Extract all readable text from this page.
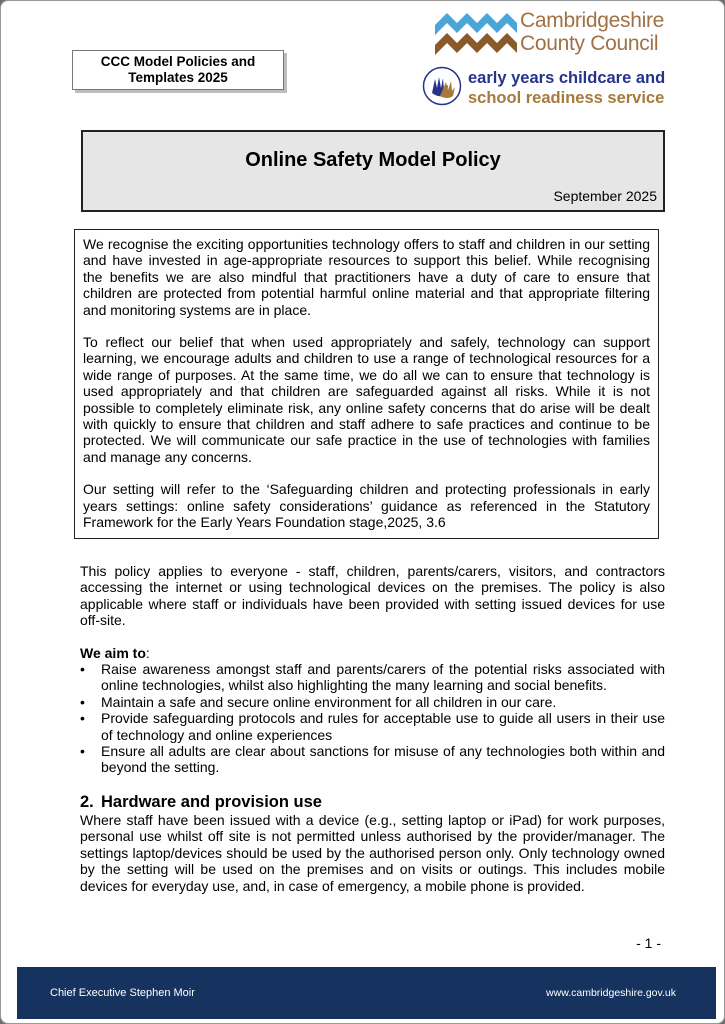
CCC Model Policies and
Templates 2025
Cambridgeshire
County Council
early years childcare and
school readiness service
Online Safety Model Policy
September 2025

We recognise the exciting opportunities technology offers to staff and children in our setting and have invested in age-appropriate resources to support this belief. While recognising the benefits we are also mindful that practitioners have a duty of care to ensure that children are protected from potential harmful online material and that appropriate filtering and monitoring systems are in place.

To reflect our belief that when used appropriately and safely, technology can support learning, we encourage adults and children to use a range of technological resources for a wide range of purposes. At the same time, we do all we can to ensure that technology is used appropriately and that children are safeguarded against all risks. While it is not possible to completely eliminate risk, any online safety concerns that do arise will be dealt with quickly to ensure that children and staff adhere to safe practices and continue to be protected. We will communicate our safe practice in the use of technologies with families and manage any concerns.

Our setting will refer to the ‘Safeguarding children and protecting professionals in early years settings: online safety considerations’ guidance as referenced in the Statutory Framework for the Early Years Foundation stage,2025, 3.6

This policy applies to everyone - staff, children, parents/carers, visitors, and contractors accessing the internet or using technological devices on the premises. The policy is also applicable where staff or individuals have been provided with setting issued devices for use off-site.

We aim to:

• Raise awareness amongst staff and parents/carers of the potential risks associated with online technologies, whilst also highlighting the many learning and social benefits.
• Maintain a safe and secure online environment for all children in our care.
• Provide safeguarding protocols and rules for acceptable use to guide all users in their use of technology and online experiences
• Ensure all adults are clear about sanctions for misuse of any technologies both within and beyond the setting.

2. Hardware and provision use

Where staff have been issued with a device (e.g., setting laptop or iPad) for work purposes, personal use whilst off site is not permitted unless authorised by the provider/manager. The settings laptop/devices should be used by the authorised person only. Only technology owned by the setting will be used on the premises and on visits or outings. This includes mobile devices for everyday use, and, in case of emergency, a mobile phone is provided.

- 1 -
Chief Executive Stephen Moir	www.cambridgeshire.gov.uk
